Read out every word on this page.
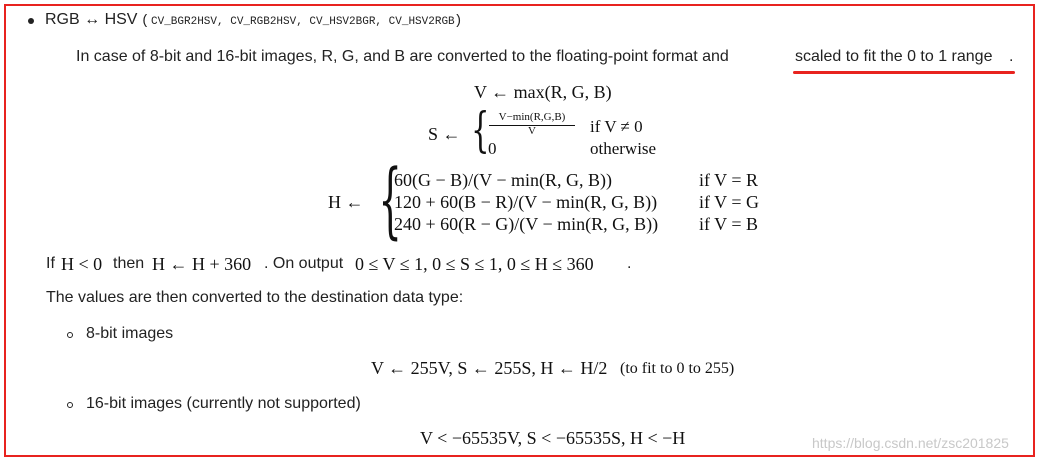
RGB ↔ HSV ( CV_BGR2HSV, CV_RGB2HSV, CV_HSV2BGR, CV_HSV2RGB )
In case of 8-bit and 16-bit images, R, G, and B are converted to the floating-point format and	scaled to fit the 0 to 1 range .
V ← max(R, G, B)
S ← { V−min(R,G,B)
V	if V ≠ 0
0	otherwise
H ← {
60(G − B)/(V − min(R, G, B))	if V = R
120 + 60(B − R)/(V − min(R, G, B)) if V = G
240 + 60(R − G)/(V − min(R, G, B)) if V = B
If H < 0 then H ← H + 360 . On output 0 ≤ V ≤ 1, 0 ≤ S ≤ 1, 0 ≤ H ≤ 360 .
The values are then converted to the destination data type:
8-bit images
V ← 255V, S ← 255S, H ← H/2 (to fit to 0 to 255)
16-bit images (currently not supported)
V < −65535V, S < −65535S, H < −H	https://blog.csdn.net/zsc201825
